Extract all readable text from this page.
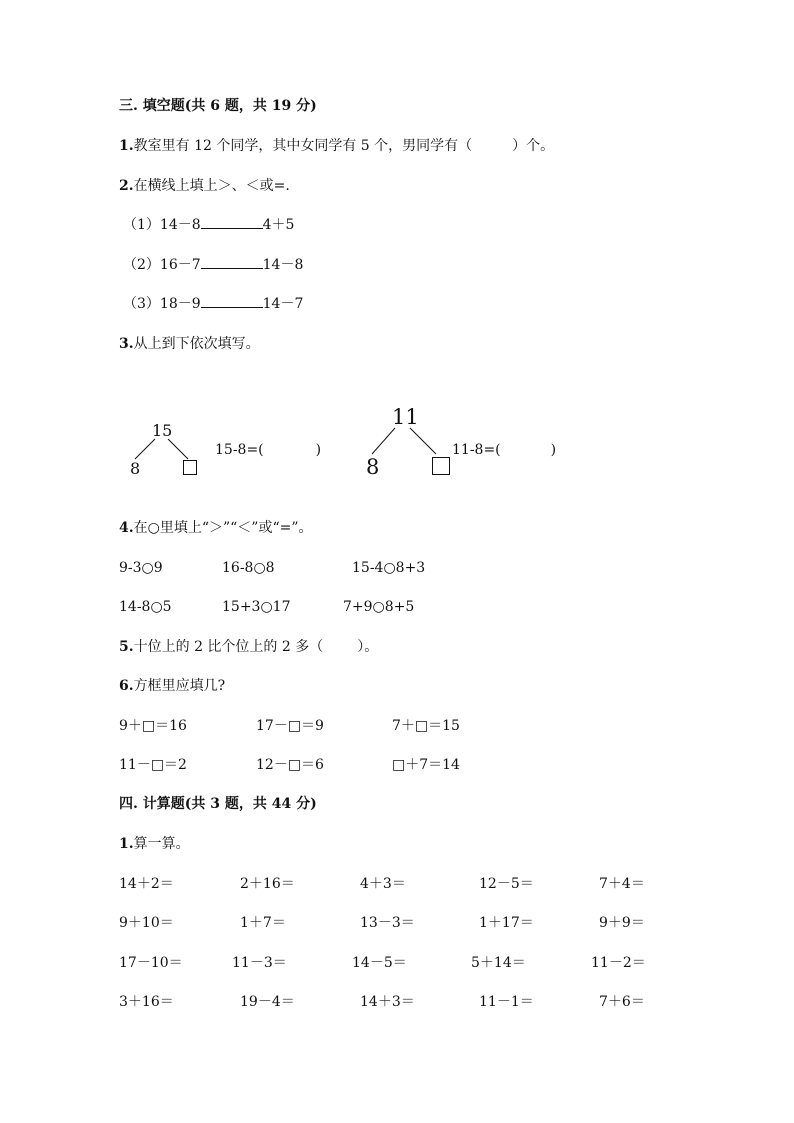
三. 填空题(共 6 题，共 19 分)
1.教室里有 12 个同学，其中女同学有 5 个，男同学有（	）个。
2.在横线上填上＞、＜或=.
（1）14－8	4＋5
（2）16－7	14－8
（3）18－9	14－7
3.从上到下依次填写。
15
8
15-8=(	)
11
8
11-8=(	)
4.在○里填上“＞”“＜”或“=”。
9-3○9	16-8○8	15-4○8+3
14-8○5	15+3○17	7+9○8+5
5.十位上的 2 比个位上的 2 多（ ）。
6.方框里应填几?
9＋□＝16	17－□＝9	7＋□＝15
11－□＝2	12－□＝6	□＋7＝14
四. 计算题(共 3 题，共 44 分)
1.算一算。
14＋2＝	2＋16＝	4＋3＝	12－5＝	7＋4＝
9＋10＝	1＋7＝	13－3＝	1＋17＝	9＋9＝
17－10＝	11－3＝	14－5＝	5＋14＝	11－2＝
3＋16＝	19－4＝	14＋3＝	11－1＝	7＋6＝
